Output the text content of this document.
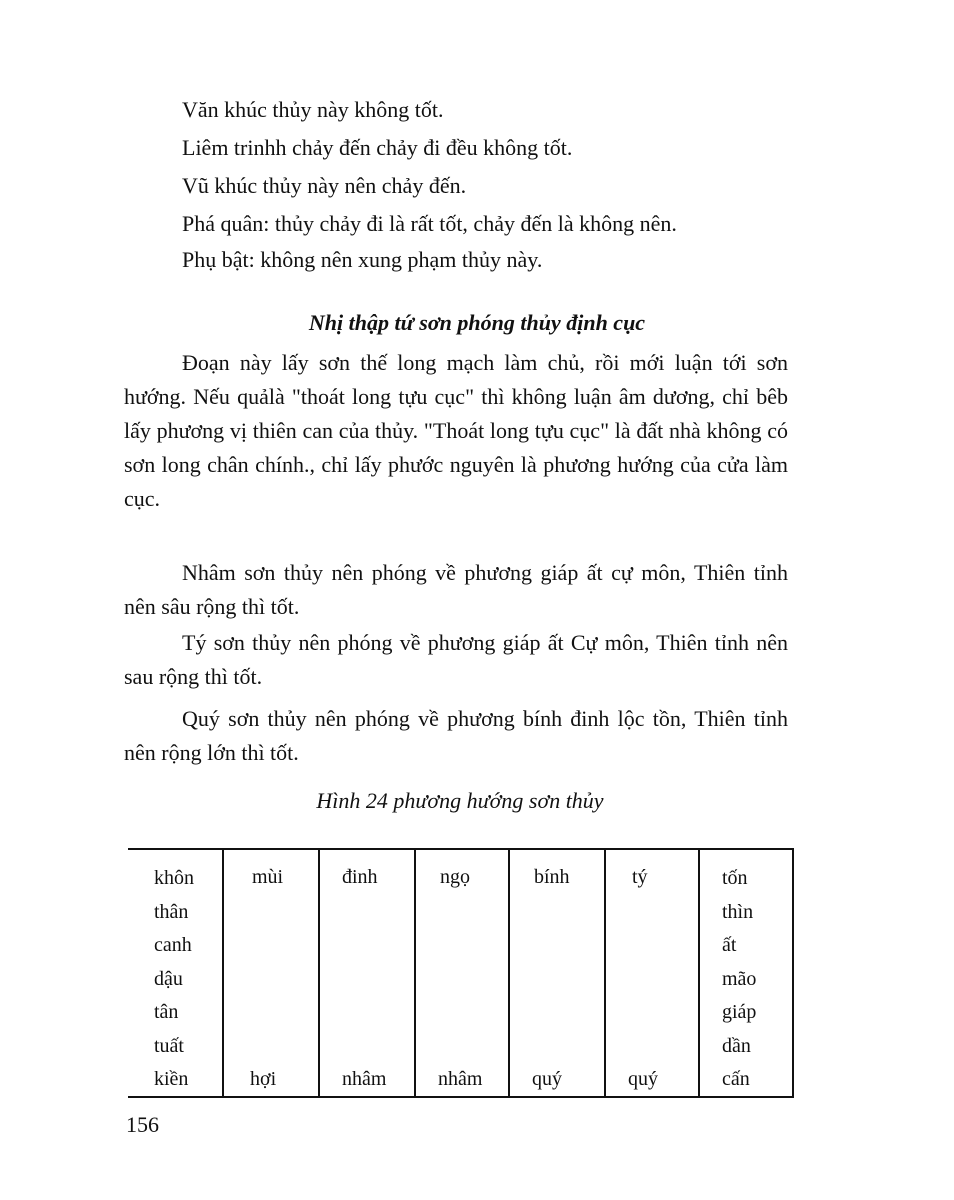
Văn khúc thủy này không tốt.
Liêm trinhh chảy đến chảy đi đều không tốt.
Vũ khúc thủy này nên chảy đến.
Phá quân: thủy chảy đi là rất tốt, chảy đến là không nên.
Phụ bật: không nên xung phạm thủy này.
Nhị thập tứ sơn phóng thủy định cục
Đoạn này lấy sơn thế long mạch làm chủ, rồi mới luận tới sơn hướng. Nếu quảlà "thoát long tựu cục" thì không luận âm dương, chỉ bêb lấy phương vị thiên can của thủy. "Thoát long tựu cục" là đất nhà không có sơn long chân chính., chỉ lấy phước nguyên là phương hướng của cửa làm cục.
Nhâm sơn thủy nên phóng về phương giáp ất cự môn, Thiên tỉnh nên sâu rộng thì tốt.
Tý sơn thủy nên phóng về phương giáp ất Cự môn, Thiên tỉnh nên sau rộng thì tốt.
Quý sơn thủy nên phóng về phương bính đinh lộc tồn, Thiên tỉnh nên rộng lớn thì tốt.
Hình 24 phương hướng sơn thủy
khôn
thân
canh
dậu
tân
tuất
kiền
mùi
hợi
đinh
nhâm
ngọ
nhâm
bính
quý
tý
quý
tốn
thìn
ất
mão
giáp
dần
cấn
156
